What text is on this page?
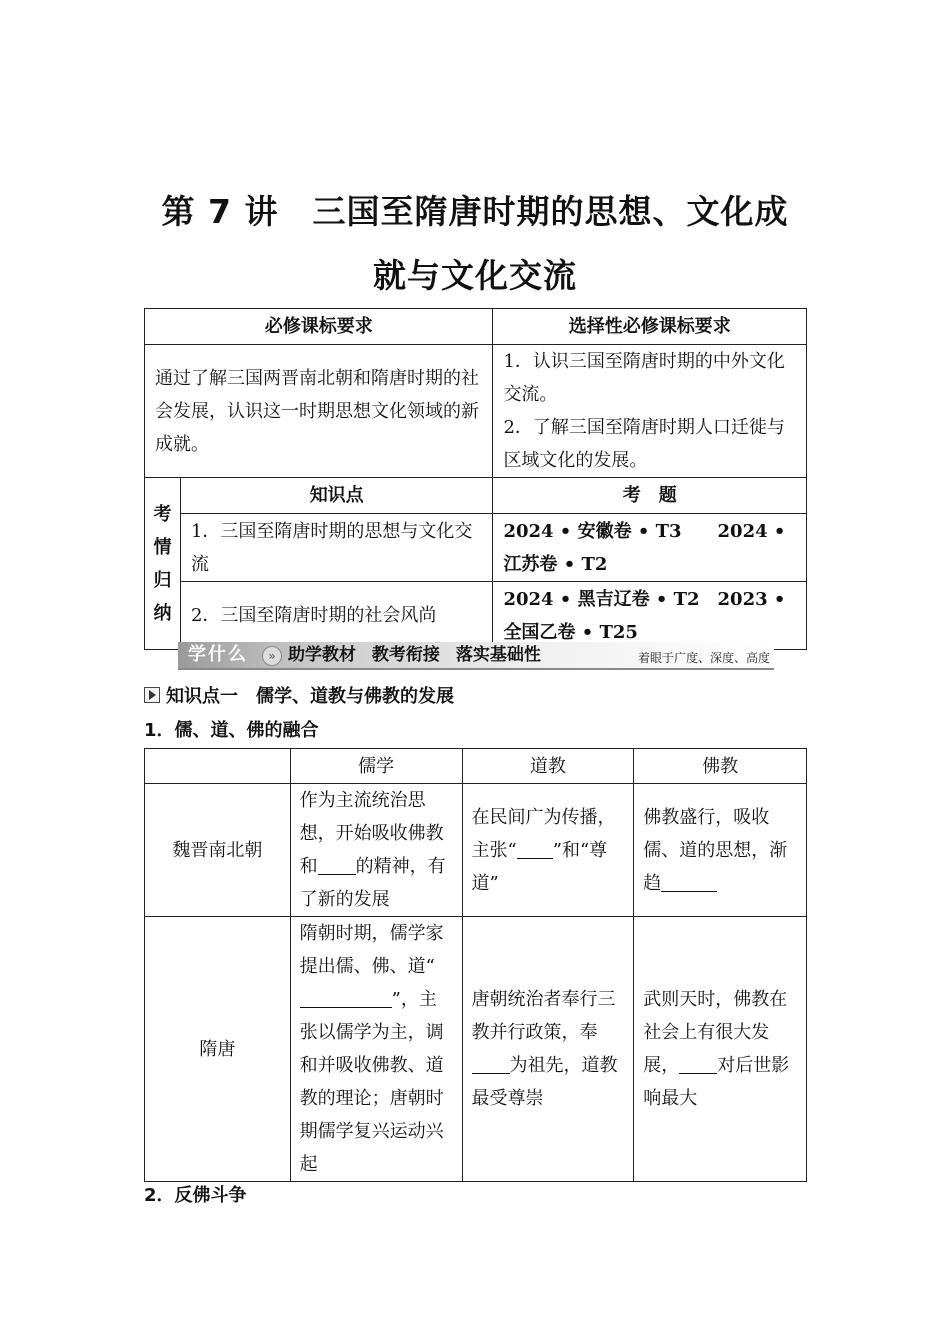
第 7 讲　三国至隋唐时期的思想、文化成
就与文化交流
必修课标要求		选择性必修课标要求
通过了解三国两晋南北朝和隋唐时期的社会发展，认识这一时期思想文化领域的新成就。		1．认识三国至隋唐时期的中外文化交流。
2．了解三国至隋唐时期人口迁徙与区域文化的发展。

考
情
归
纳	知识点	考　题
	1．三国至隋唐时期的思想与文化交流	2024 • 安徽卷 • T3　　2024 • 江苏卷 • T2
	2．三国至隋唐时期的社会风尚	2024 • 黑吉辽卷 • T2　2023 • 全国乙卷 • T25
学什么	» 助学教材 教考衔接 落实基础性	着眼于广度、深度、高度
知识点一　儒学、道教与佛教的发展
1．儒、道、佛的融合
	儒学	道教	佛教
魏晋南北朝	作为主流统治思想，开始吸收佛教和 的精神，有了新的发展	在民间广为传播，主张“ ”和“尊道”	佛教盛行，吸收儒、道的思想，渐趋
隋唐	隋朝时期，儒学家提出儒、佛、道“”，主张以儒学为主，调和并吸收佛教、道教的理论；唐朝时期儒学复兴运动兴起	唐朝统治者奉行三教并行政策，奉为祖先，道教最受尊崇	武则天时，佛教在社会上有很大发展， 对后世影响最大
2．反佛斗争
